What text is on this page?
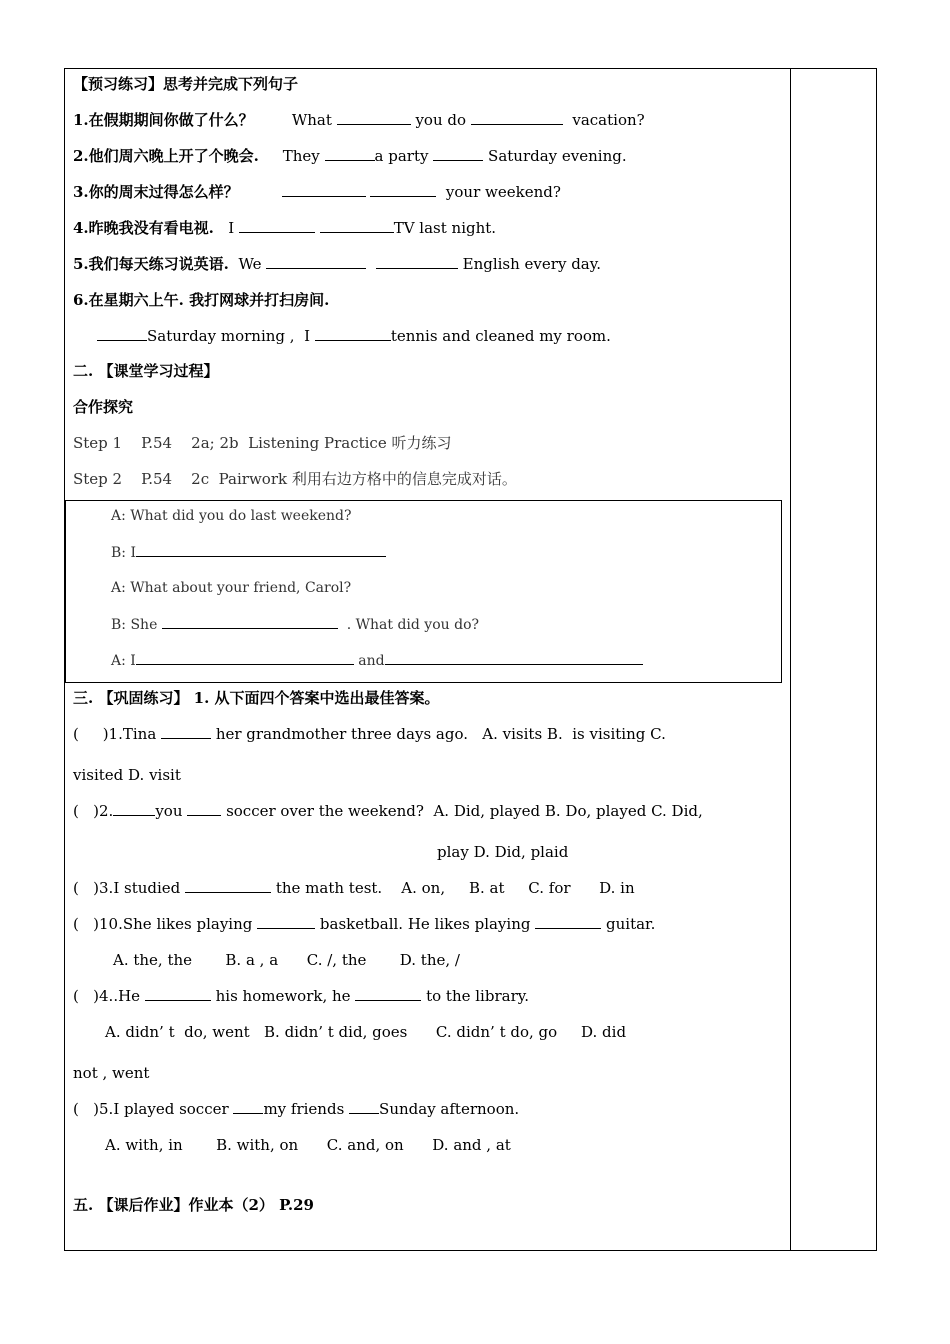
【预习练习】思考并完成下列句子
1.在假期期间你做了什么？	What	you do	vacation?
2.他们周六晚上开了个晚会. They	a party	Saturday evening.
3.你的周末过得怎么样？	your weekend?
4.昨晚我没有看电视. I	TV last night.
5.我们每天练习说英语. We	English every day.
6.在星期六上午. 我打网球并打扫房间.
Saturday morning , I	tennis and cleaned my room.
二. 【课堂学习过程】
合作探究
Step 1    P.54    2a; 2b  Listening Practice 听力练习
Step 2    P.54    2c  Pairwork 利用右边方格中的信息完成对话。
A: What did you do last weekend?
B: I
A: What about your friend, Carol?
B: She	. What did you do?
A: I	and
三. 【巩固练习】 1. 从下面四个答案中选出最佳答案。
(     )1.Tina	her grandmother three days ago.   A. visits B.  is visiting C.
visited D. visit
(   )2.	you	soccer over the weekend?  A. Did, played B. Do, played C. Did,
play D. Did, plaid
(   )3.I studied	the math test.    A. on,     B. at     C. for      D. in
(   )10.She likes playing	basketball. He likes playing	guitar.
A. the, the       B. a , a      C. /, the       D. the, /
(   )4..He	his homework, he	to the library.
A. didn’ t  do, went   B. didn’ t did, goes      C. didn’ t do, go     D. did
not , went
(   )5.I played soccer my friends Sunday afternoon.
A. with, in       B. with, on      C. and, on      D. and , at
五. 【课后作业】作业本（2） P.29
